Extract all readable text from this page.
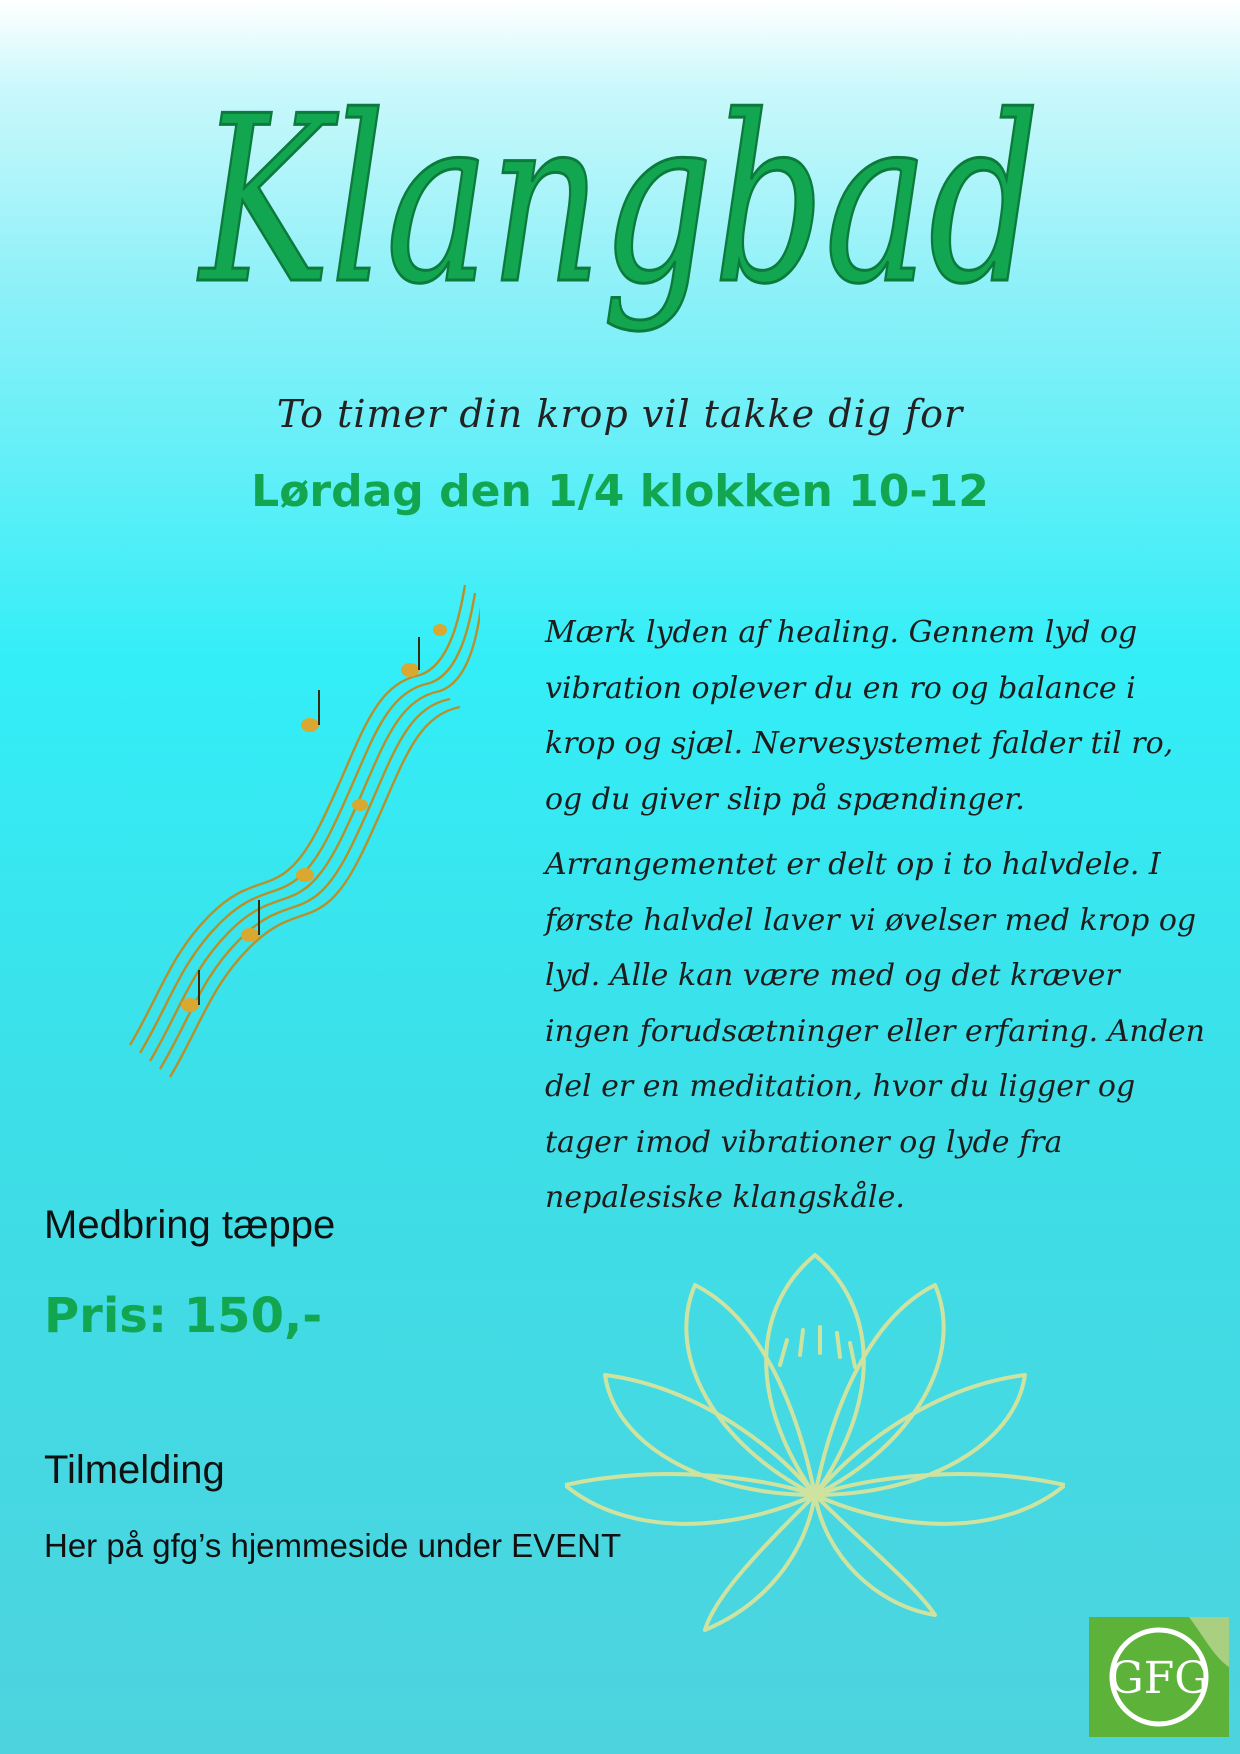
Klangbad
To timer din krop vil takke dig for
Lørdag den 1/4 klokken 10-12

Mærk lyden af healing. Gennem lyd og vibration oplever du en ro og balance i krop og sjæl. Nervesystemet falder til ro, og du giver slip på spændinger.

Arrangementet er delt op i to halvdele. I første halvdel laver vi øvelser med krop og lyd. Alle kan være med og det kræver ingen forudsætninger eller erfaring. Anden del er en meditation, hvor du ligger og tager imod vibrationer og lyde fra nepalesiske klangskåle.

Medbring tæppe
Pris: 150,-
Tilmelding
Her på gfg’s hjemmeside under EVENT
GFG
